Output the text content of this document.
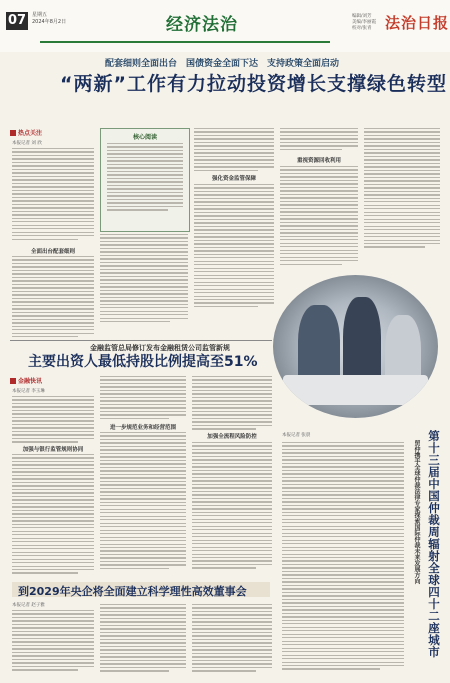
07	星期五
2024年8月2日	经济法治	编辑/刘芳
美编/李丽霞
校对/张青 法治日报
配套细则全面出台　国债资金全面下达　支持政策全面启动
“两新”工作有力拉动投资增长支撑绿色转型
热点关注
本报记者 刘 欣
全面出台配套细则
核心阅读
强化资金监管保障
重视资源回收利用
金融监管总局修订发布金融租赁公司监管新规
主要出资人最低持股比例提高至51%
金融快讯
本报记者 李玉琳
加强与银行监管规则协同
进一步规范业务和经营范围
加强全流程风险防控	本报记者 张晨	第十三届中国仲裁周辐射全球四十二座城市
贸仲携手全球仲裁法律专家探索国际仲裁未来发展方向
到2029年央企将全面建立科学理性高效董事会
本报记者 赵子雅
